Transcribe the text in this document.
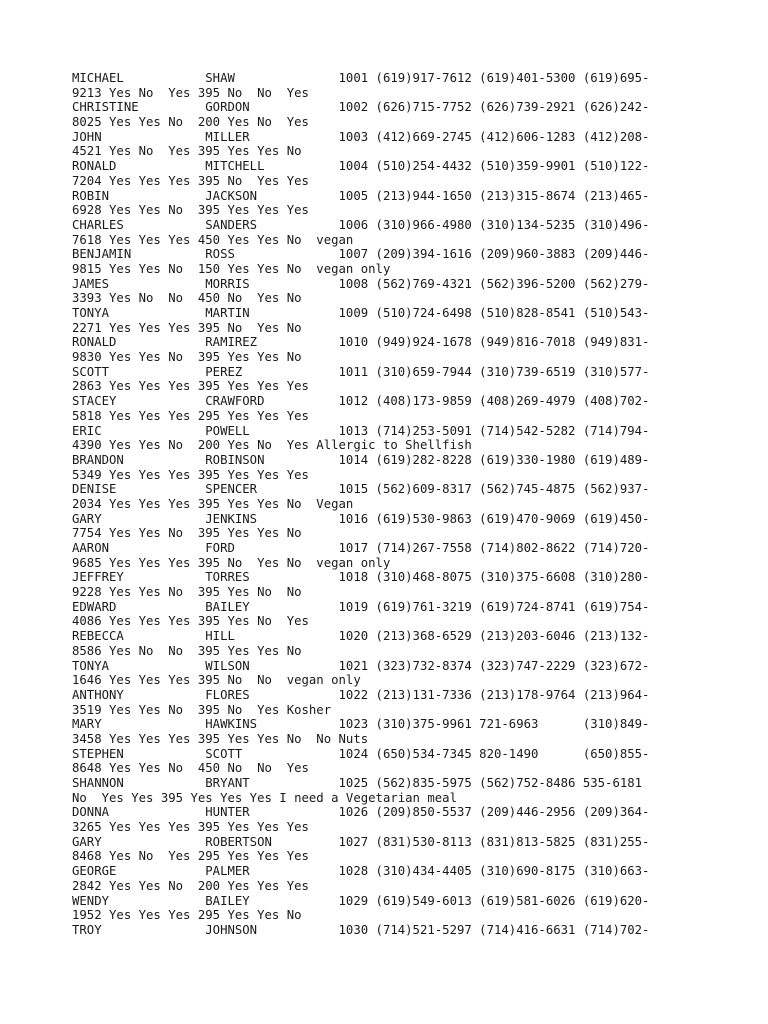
MICHAEL           SHAW              1001 (619)917-7612 (619)401-5300 (619)695-
9213 Yes No  Yes 395 No  No  Yes
CHRISTINE         GORDON            1002 (626)715-7752 (626)739-2921 (626)242-
8025 Yes Yes No  200 Yes No  Yes
JOHN              MILLER            1003 (412)669-2745 (412)606-1283 (412)208-
4521 Yes No  Yes 395 Yes Yes No
RONALD            MITCHELL          1004 (510)254-4432 (510)359-9901 (510)122-
7204 Yes Yes Yes 395 No  Yes Yes
ROBIN             JACKSON           1005 (213)944-1650 (213)315-8674 (213)465-
6928 Yes Yes No  395 Yes Yes Yes
CHARLES           SANDERS           1006 (310)966-4980 (310)134-5235 (310)496-
7618 Yes Yes Yes 450 Yes Yes No  vegan
BENJAMIN          ROSS              1007 (209)394-1616 (209)960-3883 (209)446-
9815 Yes Yes No  150 Yes Yes No  vegan only
JAMES             MORRIS            1008 (562)769-4321 (562)396-5200 (562)279-
3393 Yes No  No  450 No  Yes No
TONYA             MARTIN            1009 (510)724-6498 (510)828-8541 (510)543-
2271 Yes Yes Yes 395 No  Yes No
RONALD            RAMIREZ           1010 (949)924-1678 (949)816-7018 (949)831-
9830 Yes Yes No  395 Yes Yes No
SCOTT             PEREZ             1011 (310)659-7944 (310)739-6519 (310)577-
2863 Yes Yes Yes 395 Yes Yes Yes
STACEY            CRAWFORD          1012 (408)173-9859 (408)269-4979 (408)702-
5818 Yes Yes Yes 295 Yes Yes Yes
ERIC              POWELL            1013 (714)253-5091 (714)542-5282 (714)794-
4390 Yes Yes No  200 Yes No  Yes Allergic to Shellfish
BRANDON           ROBINSON          1014 (619)282-8228 (619)330-1980 (619)489-
5349 Yes Yes Yes 395 Yes Yes Yes
DENISE            SPENCER           1015 (562)609-8317 (562)745-4875 (562)937-
2034 Yes Yes Yes 395 Yes Yes No  Vegan
GARY              JENKINS           1016 (619)530-9863 (619)470-9069 (619)450-
7754 Yes Yes No  395 Yes Yes No
AARON             FORD              1017 (714)267-7558 (714)802-8622 (714)720-
9685 Yes Yes Yes 395 No  Yes No  vegan only
JEFFREY           TORRES            1018 (310)468-8075 (310)375-6608 (310)280-
9228 Yes Yes No  395 Yes No  No
EDWARD            BAILEY            1019 (619)761-3219 (619)724-8741 (619)754-
4086 Yes Yes Yes 395 Yes No  Yes
REBECCA           HILL              1020 (213)368-6529 (213)203-6046 (213)132-
8586 Yes No  No  395 Yes Yes No
TONYA             WILSON            1021 (323)732-8374 (323)747-2229 (323)672-
1646 Yes Yes Yes 395 No  No  vegan only
ANTHONY           FLORES            1022 (213)131-7336 (213)178-9764 (213)964-
3519 Yes Yes No  395 No  Yes Kosher
MARY              HAWKINS           1023 (310)375-9961 721-6963      (310)849-
3458 Yes Yes Yes 395 Yes Yes No  No Nuts
STEPHEN           SCOTT             1024 (650)534-7345 820-1490      (650)855-
8648 Yes Yes No  450 No  No  Yes
SHANNON           BRYANT            1025 (562)835-5975 (562)752-8486 535-6181
No  Yes Yes 395 Yes Yes Yes I need a Vegetarian meal
DONNA             HUNTER            1026 (209)850-5537 (209)446-2956 (209)364-
3265 Yes Yes Yes 395 Yes Yes Yes
GARY              ROBERTSON         1027 (831)530-8113 (831)813-5825 (831)255-
8468 Yes No  Yes 295 Yes Yes Yes
GEORGE            PALMER            1028 (310)434-4405 (310)690-8175 (310)663-
2842 Yes Yes No  200 Yes Yes Yes
WENDY             BAILEY            1029 (619)549-6013 (619)581-6026 (619)620-
1952 Yes Yes Yes 295 Yes Yes No
TROY              JOHNSON           1030 (714)521-5297 (714)416-6631 (714)702-
